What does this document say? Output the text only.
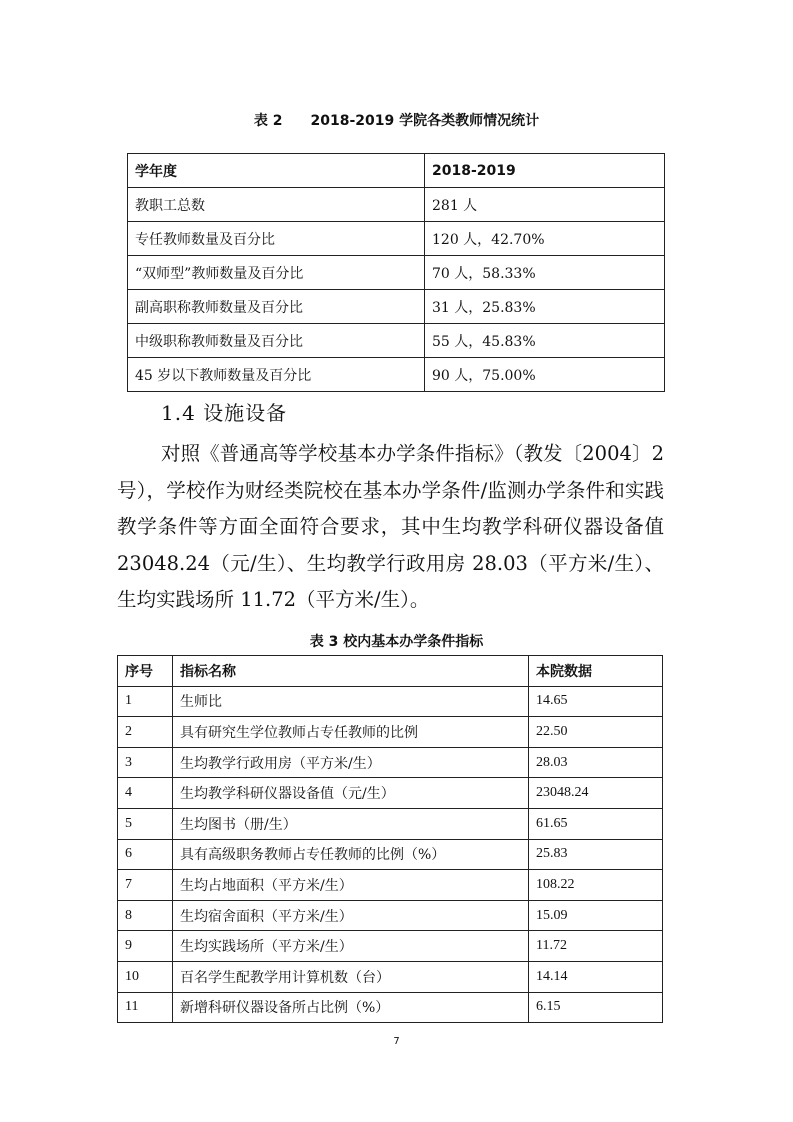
表 2　　2018-2019 学院各类教师情况统计
学年度	2018-2019
教职工总数	281 人
专任教师数量及百分比	120 人，42.70%
“双师型”教师数量及百分比	70 人，58.33%
副高职称教师数量及百分比	31 人，25.83%
中级职称教师数量及百分比	55 人，45.83%
45 岁以下教师数量及百分比	90 人，75.00%
1.4 设施设备

对照《普通高等学校基本办学条件指标》（教发〔2004〕2 号），学校作为财经类院校在基本办学条件/监测办学条件和实践教学条件等方面全面符合要求，其中生均教学科研仪器设备值 23048.24（元/生）、生均教学行政用房 28.03（平方米/生）、生均实践场所 11.72（平方米/生）。

表 3 校内基本办学条件指标
序号	指标名称	本院数据
1	生师比	14.65
2	具有研究生学位教师占专任教师的比例	22.50
3	生均教学行政用房（平方米/生）	28.03
4	生均教学科研仪器设备值（元/生）	23048.24
5	生均图书（册/生）	61.65
6	具有高级职务教师占专任教师的比例（%）	25.83
7	生均占地面积（平方米/生）	108.22
8	生均宿舍面积（平方米/生）	15.09
9	生均实践场所（平方米/生）	11.72
10	百名学生配教学用计算机数（台）	14.14
11	新增科研仪器设备所占比例（%）	6.15
7
